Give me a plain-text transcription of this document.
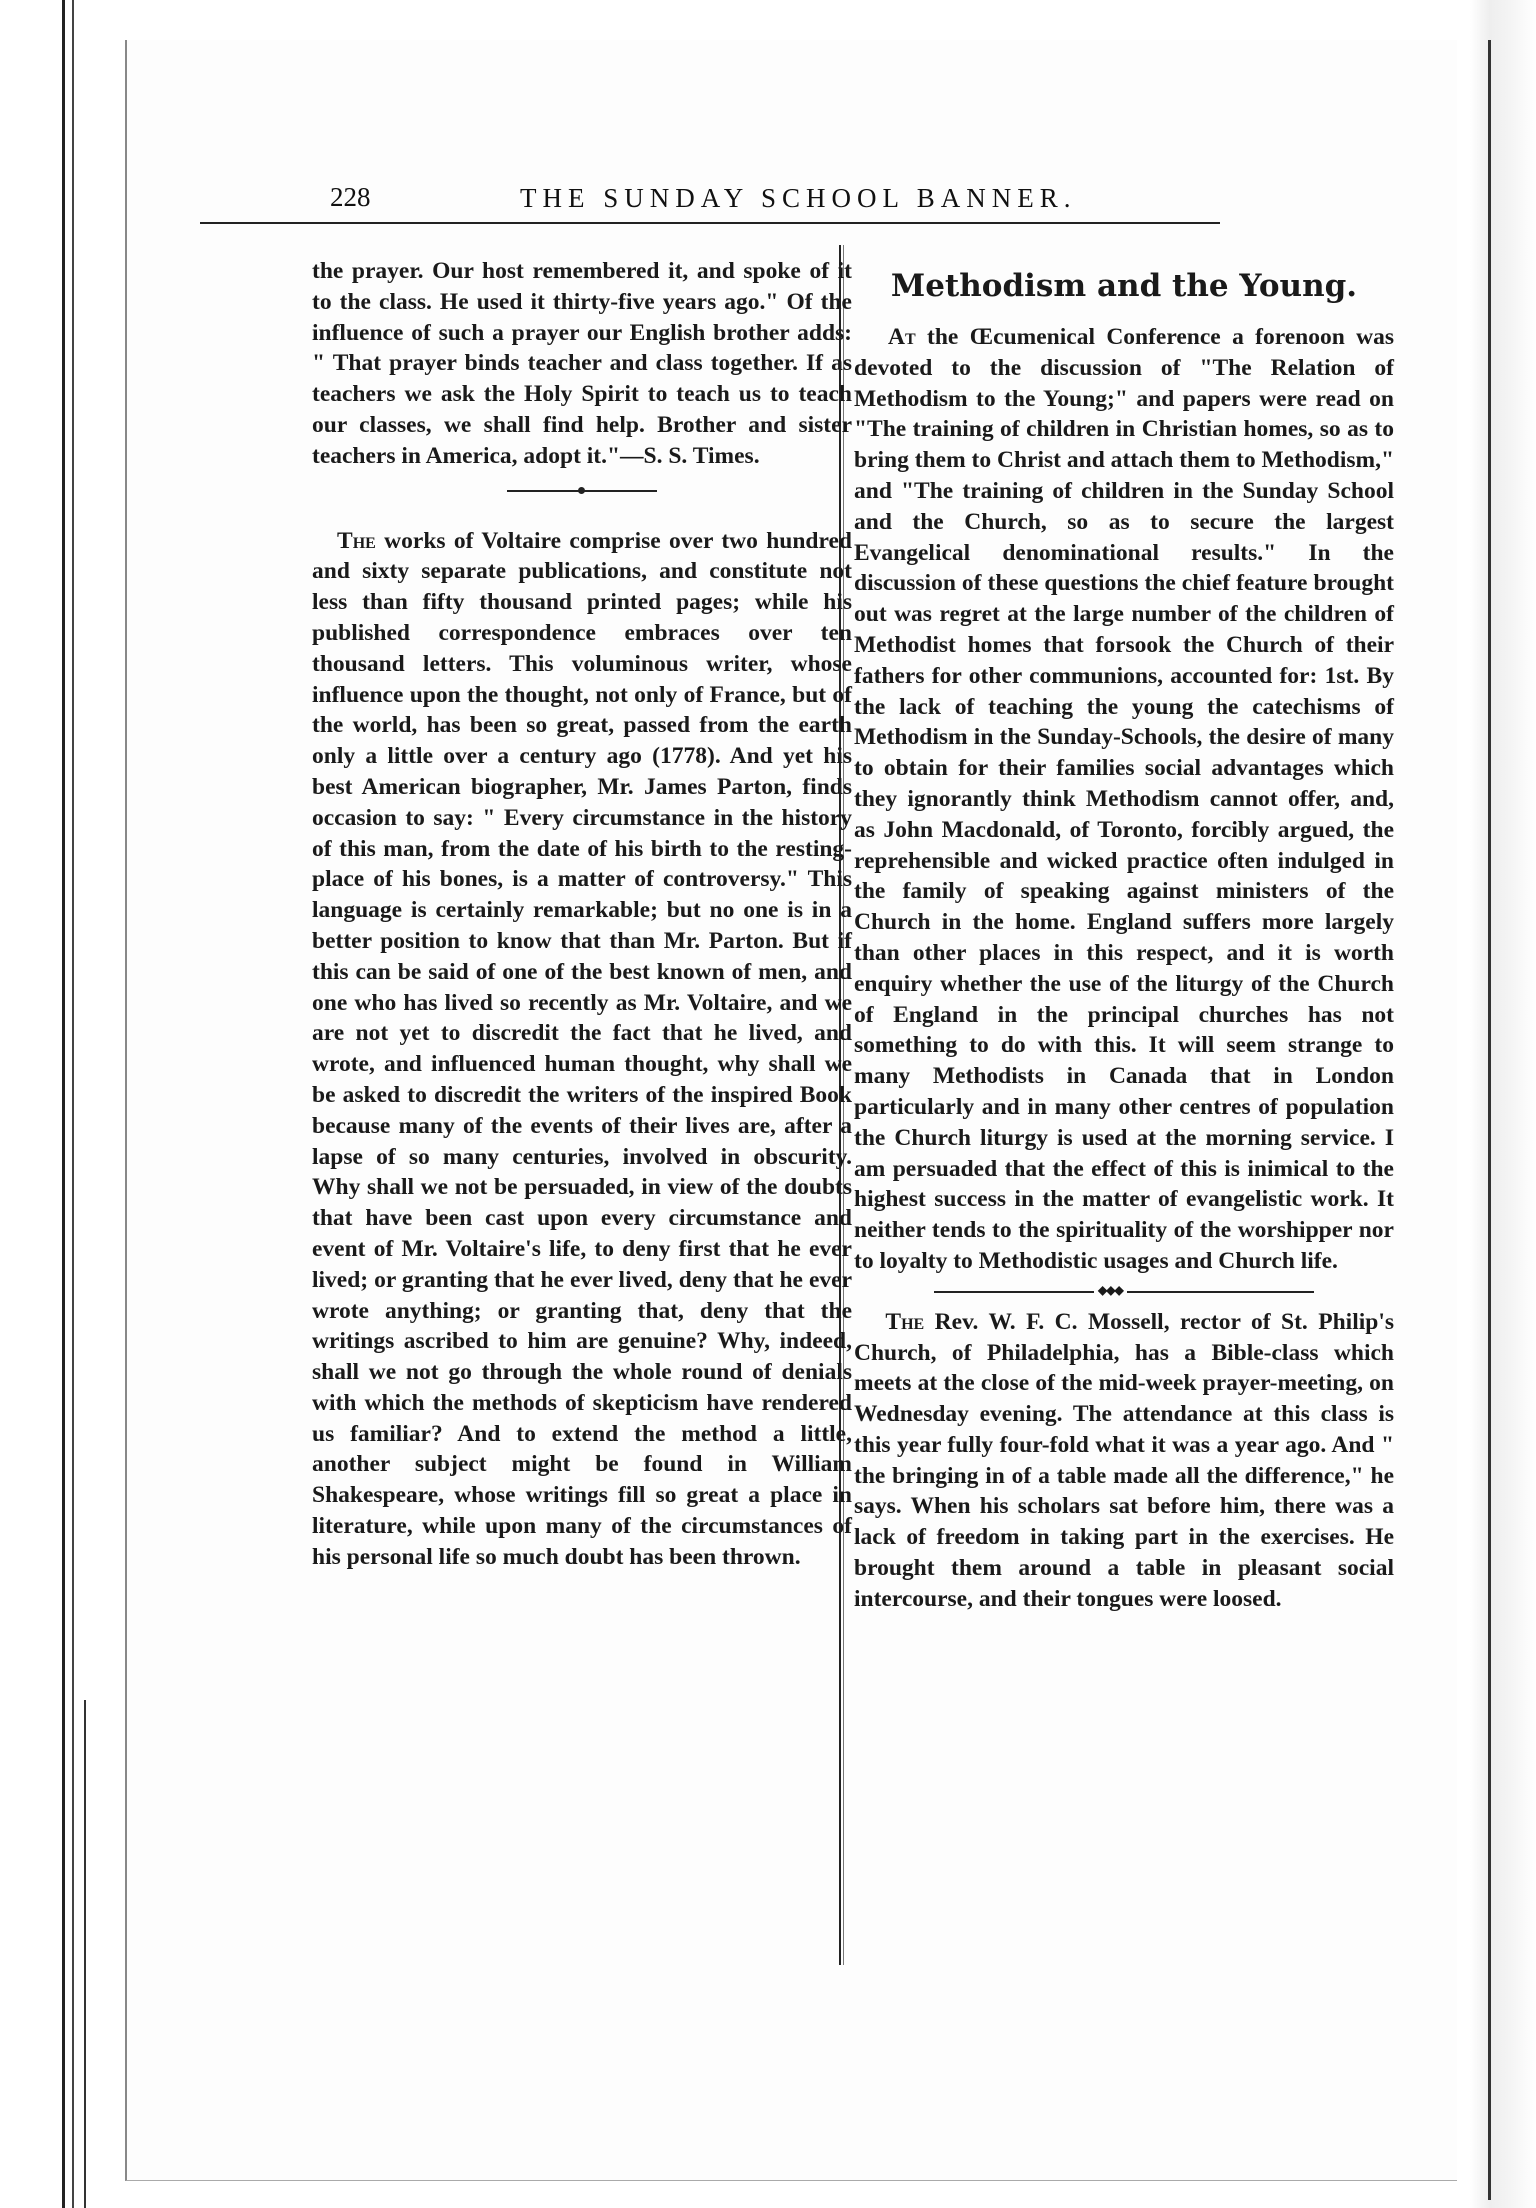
228	THE SUNDAY SCHOOL BANNER.

the prayer. Our host remembered it, and spoke of it to the class. He used it thirty-five years ago." Of the influence of such a prayer our English brother adds: " That prayer binds teacher and class together. If as teachers we ask the Holy Spirit to teach us to teach our classes, we shall find help. Brother and sister teachers in America, adopt it."—S. S. Times.

The works of Voltaire comprise over two hundred and sixty separate publications, and constitute not less than fifty thousand printed pages; while his published correspondence embraces over ten thousand letters. This voluminous writer, whose influence upon the thought, not only of France, but of the world, has been so great, passed from the earth only a little over a century ago (1778). And yet his best American biographer, Mr. James Parton, finds occasion to say: " Every circumstance in the history of this man, from the date of his birth to the resting-place of his bones, is a matter of controversy." This language is certainly remarkable; but no one is in a better position to know that than Mr. Parton. But if this can be said of one of the best known of men, and one who has lived so recently as Mr. Voltaire, and we are not yet to discredit the fact that he lived, and wrote, and influenced human thought, why shall we be asked to discredit the writers of the inspired Book because many of the events of their lives are, after a lapse of so many centuries, involved in obscurity. Why shall we not be persuaded, in view of the doubts that have been cast upon every circumstance and event of Mr. Voltaire's life, to deny first that he ever lived; or granting that he ever lived, deny that he ever wrote anything; or granting that, deny that the writings ascribed to him are genuine? Why, indeed, shall we not go through the whole round of denials with which the methods of skepticism have rendered us familiar? And to extend the method a little, another subject might be found in William Shakespeare, whose writings fill so great a place in literature, while upon many of the circumstances of his personal life so much doubt has been thrown.

Methodism and the Young.

At the Œcumenical Conference a forenoon was devoted to the discussion of "The Relation of Methodism to the Young;" and papers were read on "The training of children in Christian homes, so as to bring them to Christ and attach them to Methodism," and "The training of children in the Sunday School and the Church, so as to secure the largest Evangelical denominational results." In the discussion of these questions the chief feature brought out was regret at the large number of the children of Methodist homes that forsook the Church of their fathers for other communions, accounted for: 1st. By the lack of teaching the young the catechisms of Methodism in the Sunday-Schools, the desire of many to obtain for their families social advantages which they ignorantly think Methodism cannot offer, and, as John Macdonald, of Toronto, forcibly argued, the reprehensible and wicked practice often indulged in the family of speaking against ministers of the Church in the home. England suffers more largely than other places in this respect, and it is worth enquiry whether the use of the liturgy of the Church of England in the principal churches has not something to do with this. It will seem strange to many Methodists in Canada that in London particularly and in many other centres of population the Church liturgy is used at the morning service. I am persuaded that the effect of this is inimical to the highest success in the matter of evangelistic work. It neither tends to the spirituality of the worshipper nor to loyalty to Methodistic usages and Church life.

◆◆◆

The Rev. W. F. C. Mossell, rector of St. Philip's Church, of Philadelphia, has a Bible-class which meets at the close of the mid-week prayer-meeting, on Wednesday evening. The attendance at this class is this year fully four-fold what it was a year ago. And " the bringing in of a table made all the difference," he says. When his scholars sat before him, there was a lack of freedom in taking part in the exercises. He brought them around a table in pleasant social intercourse, and their tongues were loosed.
